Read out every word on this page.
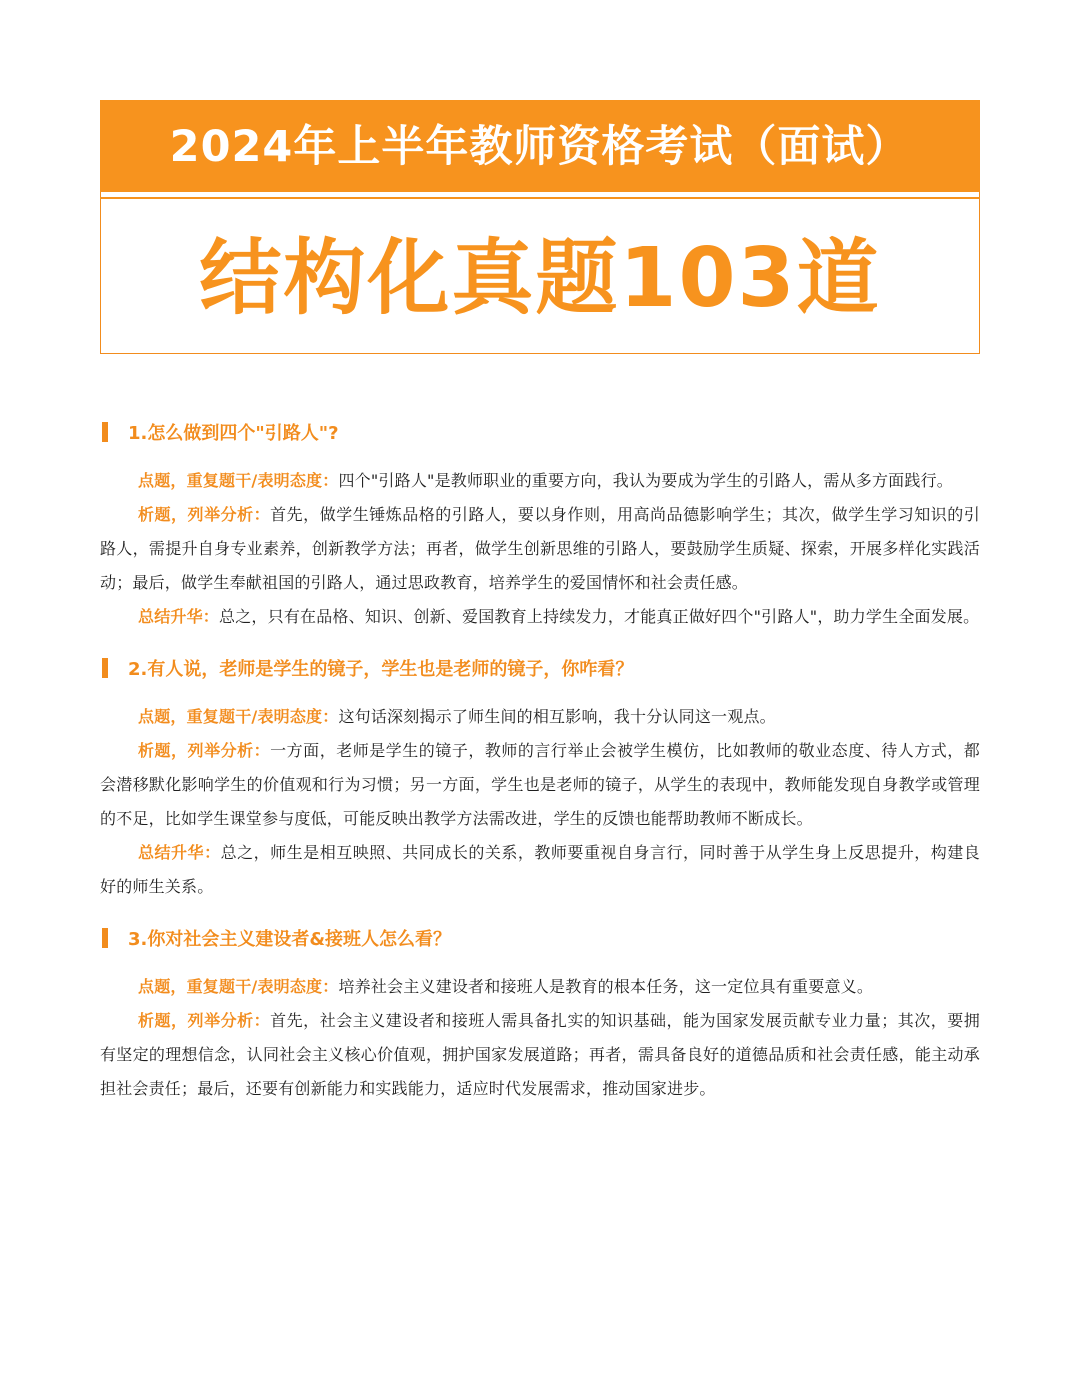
2024年上半年教师资格考试（面试）
结构化真题103道
1.怎么做到四个"引路人"?

点题，重复题干/表明态度：四个"引路人"是教师职业的重要方向，我认为要成为学生的引路人，需从多方面践行。

析题，列举分析：首先，做学生锤炼品格的引路人，要以身作则，用高尚品德影响学生；其次，做学生学习知识的引路人，需提升自身专业素养，创新教学方法；再者，做学生创新思维的引路人，要鼓励学生质疑、探索，开展多样化实践活动；最后，做学生奉献祖国的引路人，通过思政教育，培养学生的爱国情怀和社会责任感。

总结升华：总之，只有在品格、知识、创新、爱国教育上持续发力，才能真正做好四个"引路人"，助力学生全面发展。

2.有人说，老师是学生的镜子，学生也是老师的镜子，你咋看？

点题，重复题干/表明态度：这句话深刻揭示了师生间的相互影响，我十分认同这一观点。

析题，列举分析：一方面，老师是学生的镜子，教师的言行举止会被学生模仿，比如教师的敬业态度、待人方式，都会潜移默化影响学生的价值观和行为习惯；另一方面，学生也是老师的镜子，从学生的表现中，教师能发现自身教学或管理的不足，比如学生课堂参与度低，可能反映出教学方法需改进，学生的反馈也能帮助教师不断成长。

总结升华：总之，师生是相互映照、共同成长的关系，教师要重视自身言行，同时善于从学生身上反思提升，构建良好的师生关系。

3.你对社会主义建设者&接班人怎么看？

点题，重复题干/表明态度：培养社会主义建设者和接班人是教育的根本任务，这一定位具有重要意义。

析题，列举分析：首先，社会主义建设者和接班人需具备扎实的知识基础，能为国家发展贡献专业力量；其次，要拥有坚定的理想信念，认同社会主义核心价值观，拥护国家发展道路；再者，需具备良好的道德品质和社会责任感，能主动承担社会责任；最后，还要有创新能力和实践能力，适应时代发展需求，推动国家进步。
